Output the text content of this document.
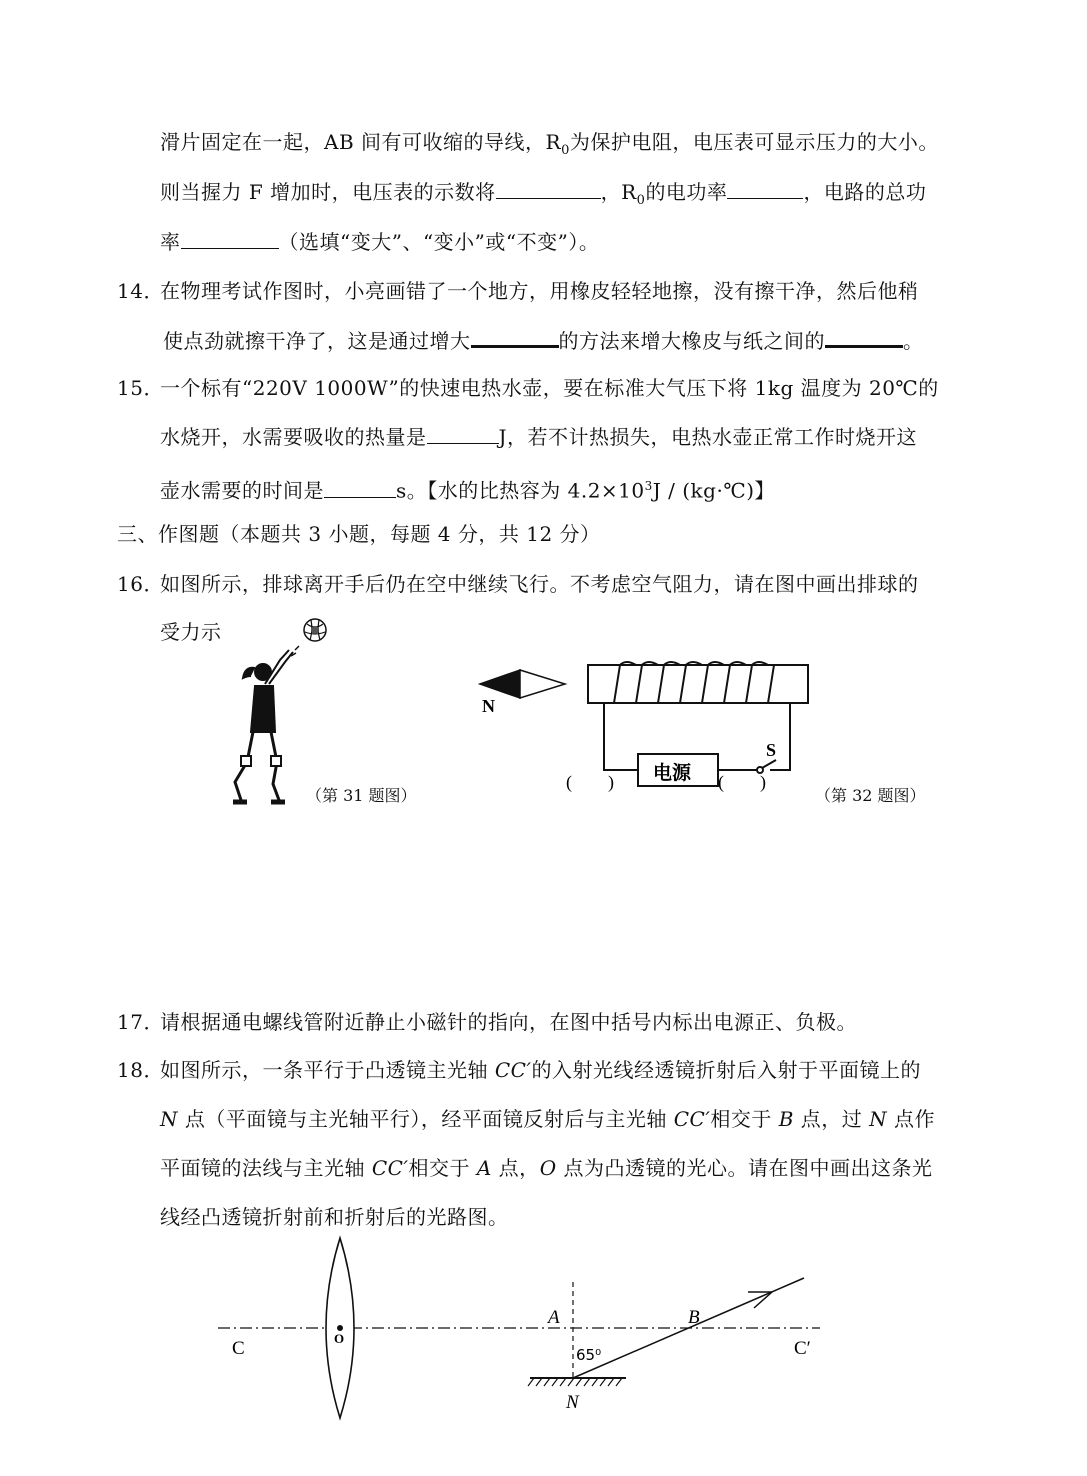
滑片固定在一起，AB 间有可收缩的导线，$R_0$为保护电阻，电压表可显示压力的大小。
则当握力 F 增加时，电压表的示数将	，$R_0$的电功率	，电路的总功
率	（选填“变大”、“变小”或“不变”）。
14．
在物理考试作图时，小亮画错了一个地方，用橡皮轻轻地擦，没有擦干净，然后他稍
使点劲就擦干净了，这是通过增大	的方法来增大橡皮与纸之间的	。
15．
一个标有“220V 1000W”的快速电热水壶，要在标准大气压下将 1kg 温度为 20℃的
水烧开，水需要吸收的热量是	J，若不计热损失，电热水壶正常工作时烧开这
壶水需要的时间是	s。【水的比热容为 $4.2\times 10^3J$ / (kg·℃)】
三、作图题（本题共 3 小题，每题 4 分，共 12 分）
16．
如图所示，排球离开手后仍在空中继续飞行。不考虑空气阻力，请在图中画出排球的
受力示
（第 31 题图）
N
电源
S
(　　)	(　　)
（第 32 题图）
17．
请根据通电螺线管附近静止小磁针的指向，在图中括号内标出电源正、负极。
18．
如图所示，一条平行于凸透镜主光轴 CC′的入射光线经透镜折射后入射于平面镜上的
N 点（平面镜与主光轴平行），经平面镜反射后与主光轴 CC′相交于 B 点，过 N 点作
平面镜的法线与主光轴 CC′相交于 A 点，O 点为凸透镜的光心。请在图中画出这条光
线经凸透镜折射前和折射后的光路图。
C	O
A	B
C′
N
65⁰
